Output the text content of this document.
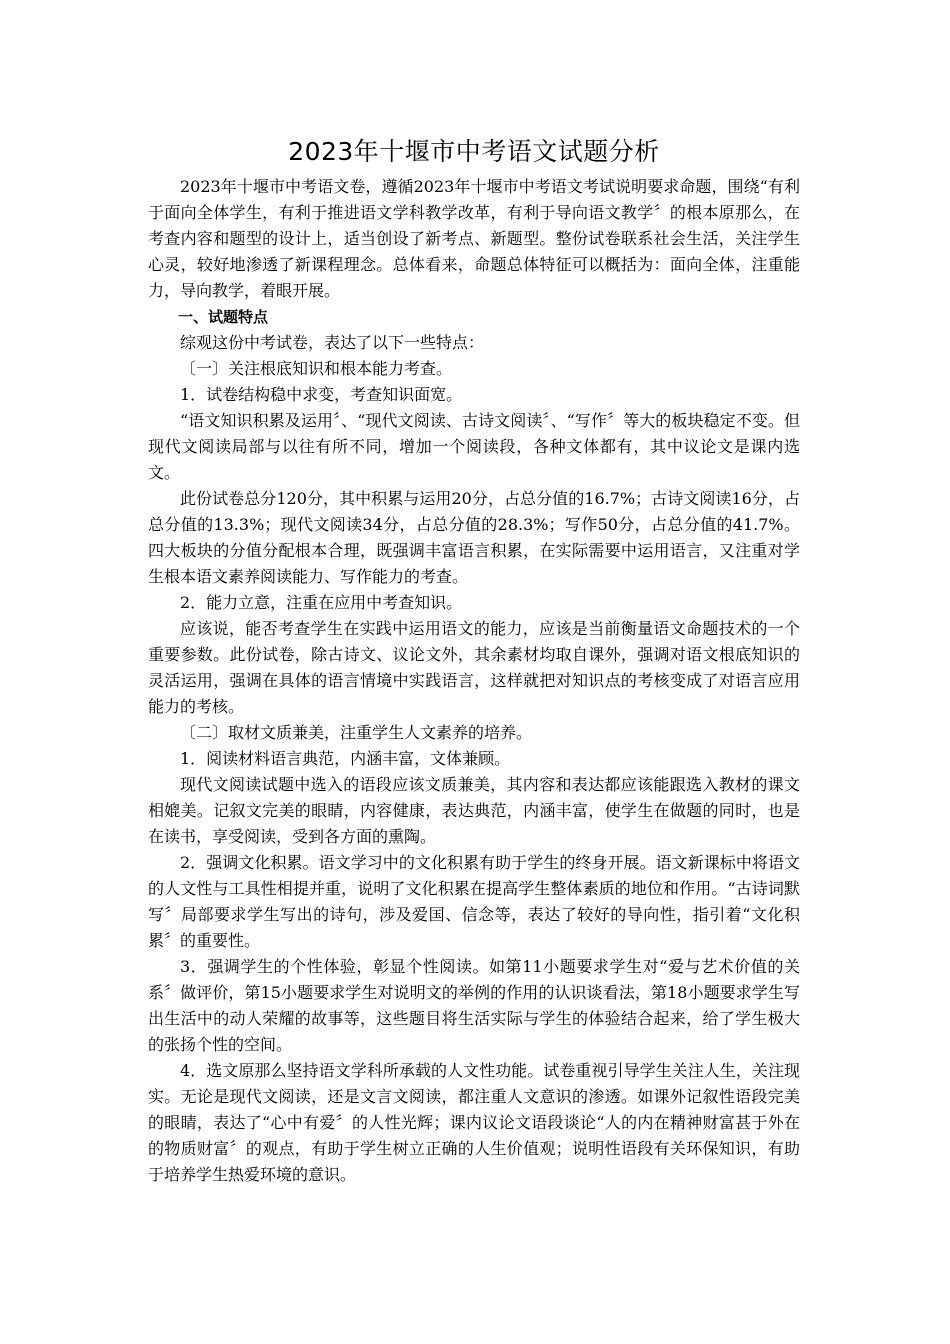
2023年十堰市中考语文试题分析

2023年十堰市中考语文卷，遵循2023年十堰市中考语文考试说明要求命题，围绕“有利于面向全体学生，有利于推进语文学科教学改革，有利于导向语文教学〞的根本原那么，在考查内容和题型的设计上，适当创设了新考点、新题型。整份试卷联系社会生活，关注学生心灵，较好地渗透了新课程理念。总体看来，命题总体特征可以概括为：面向全体，注重能力，导向教学，着眼开展。

一、试题特点

综观这份中考试卷，表达了以下一些特点：

〔一〕关注根底知识和根本能力考查。

1．试卷结构稳中求变，考查知识面宽。

“语文知识积累及运用〞、“现代文阅读、古诗文阅读〞、“写作〞等大的板块稳定不变。但现代文阅读局部与以往有所不同，增加一个阅读段，各种文体都有，其中议论文是课内选文。

此份试卷总分120分，其中积累与运用20分，占总分值的16.7%；古诗文阅读16分，占总分值的13.3%；现代文阅读34分，占总分值的28.3%；写作50分，占总分值的41.7%。四大板块的分值分配根本合理，既强调丰富语言积累，在实际需要中运用语言，又注重对学生根本语文素养阅读能力、写作能力的考查。

2．能力立意，注重在应用中考查知识。

应该说，能否考查学生在实践中运用语文的能力，应该是当前衡量语文命题技术的一个重要参数。此份试卷，除古诗文、议论文外，其余素材均取自课外，强调对语文根底知识的灵活运用，强调在具体的语言情境中实践语言，这样就把对知识点的考核变成了对语言应用能力的考核。

〔二〕取材文质兼美，注重学生人文素养的培养。

1．阅读材料语言典范，内涵丰富，文体兼顾。

现代文阅读试题中选入的语段应该文质兼美，其内容和表达都应该能跟选入教材的课文相媲美。记叙文完美的眼睛，内容健康，表达典范，内涵丰富，使学生在做题的同时，也是在读书，享受阅读，受到各方面的熏陶。

2．强调文化积累。语文学习中的文化积累有助于学生的终身开展。语文新课标中将语文的人文性与工具性相提并重，说明了文化积累在提高学生整体素质的地位和作用。“古诗词默写〞局部要求学生写出的诗句，涉及爱国、信念等，表达了较好的导向性，指引着“文化积累〞的重要性。

3．强调学生的个性体验，彰显个性阅读。如第11小题要求学生对“爱与艺术价值的关系〞做评价，第15小题要求学生对说明文的举例的作用的认识谈看法，第18小题要求学生写出生活中的动人荣耀的故事等，这些题目将生活实际与学生的体验结合起来，给了学生极大的张扬个性的空间。

4．选文原那么坚持语文学科所承载的人文性功能。试卷重视引导学生关注人生，关注现实。无论是现代文阅读，还是文言文阅读，都注重人文意识的渗透。如课外记叙性语段完美的眼睛，表达了“心中有爱〞的人性光辉；课内议论文语段谈论“人的内在精神财富甚于外在的物质财富〞的观点，有助于学生树立正确的人生价值观；说明性语段有关环保知识，有助于培养学生热爱环境的意识。
